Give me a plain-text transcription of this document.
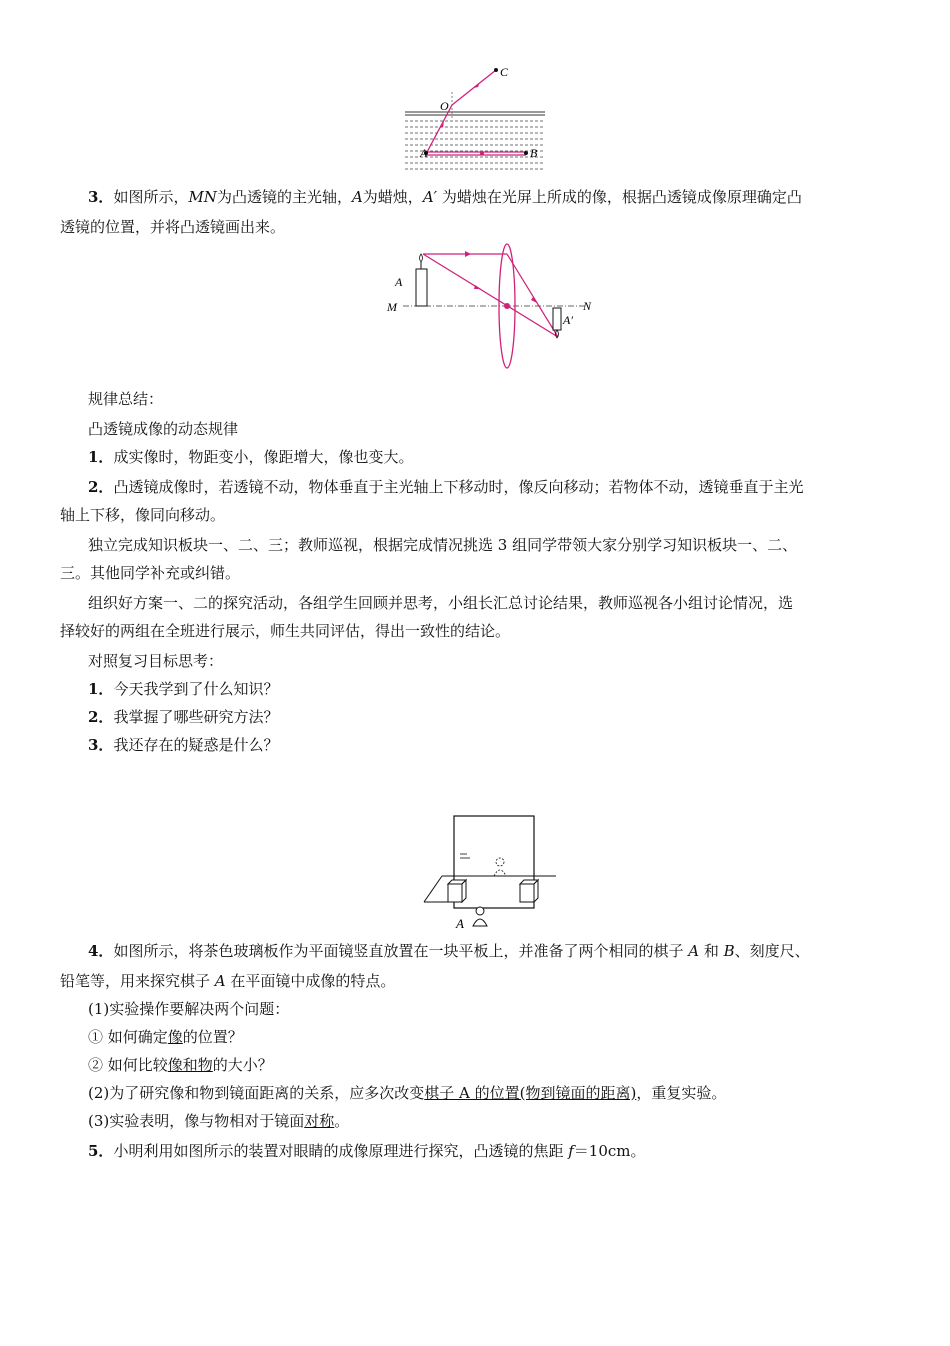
C
O
A	B
3．如图所示，MN为凸透镜的主光轴，A为蜡烛，A′ 为蜡烛在光屏上所成的像，根据凸透镜成像原理确定凸
透镜的位置，并将凸透镜画出来。
A
M	N
A′
规律总结：
凸透镜成像的动态规律
1．成实像时，物距变小，像距增大，像也变大。
2．凸透镜成像时，若透镜不动，物体垂直于主光轴上下移动时，像反向移动；若物体不动，透镜垂直于主光
轴上下移，像同向移动。
独立完成知识板块一、二、三；教师巡视，根据完成情况挑选 3 组同学带领大家分别学习知识板块一、二、
三。其他同学补充或纠错。
组织好方案一、二的探究活动，各组学生回顾并思考，小组长汇总讨论结果，教师巡视各小组讨论情况，选
择较好的两组在全班进行展示，师生共同评估，得出一致性的结论。
对照复习目标思考：
1．今天我学到了什么知识？
2．我掌握了哪些研究方法？
3．我还存在的疑惑是什么？
A
4．如图所示，将茶色玻璃板作为平面镜竖直放置在一块平板上，并准备了两个相同的棋子 A 和 B、刻度尺、
铅笔等，用来探究棋子 A 在平面镜中成像的特点。
(1)实验操作要解决两个问题：
① 如何确定像的位置？
② 如何比较像和物的大小？
(2)为了研究像和物到镜面距离的关系，应多次改变棋子 A 的位置(物到镜面的距离)，重复实验。
(3)实验表明，像与物相对于镜面对称。
5．小明利用如图所示的装置对眼睛的成像原理进行探究，凸透镜的焦距 f＝10cm。
